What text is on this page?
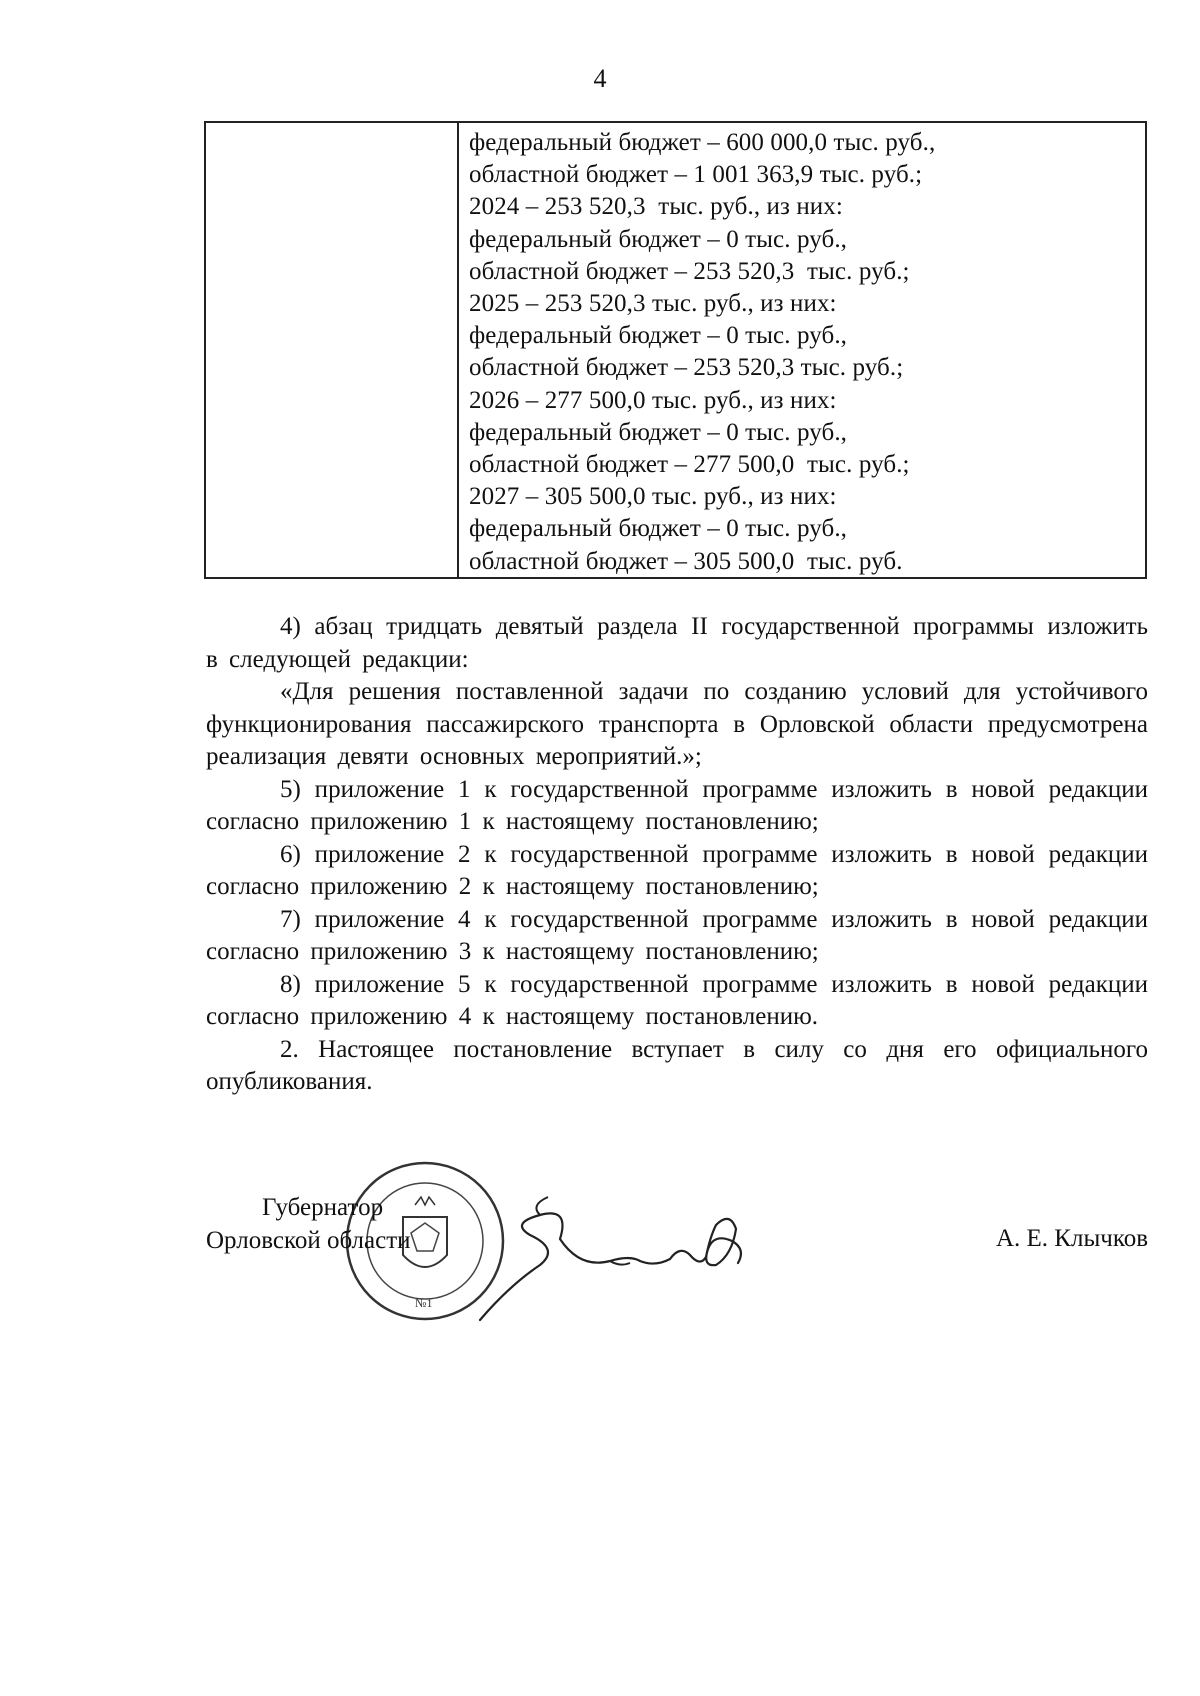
4
федеральный бюджет – 600 000,0 тыс. руб.,
областной бюджет – 1 001 363,9 тыс. руб.;
2024 – 253 520,3  тыс. руб., из них:
федеральный бюджет – 0 тыс. руб.,
областной бюджет – 253 520,3  тыс. руб.;
2025 – 253 520,3 тыс. руб., из них:
федеральный бюджет – 0 тыс. руб.,
областной бюджет – 253 520,3 тыс. руб.;
2026 – 277 500,0 тыс. руб., из них:
федеральный бюджет – 0 тыс. руб.,
областной бюджет – 277 500,0  тыс. руб.;
2027 – 305 500,0 тыс. руб., из них:
федеральный бюджет – 0 тыс. руб.,
областной бюджет – 305 500,0  тыс. руб.

4) абзац тридцать девятый раздела II государственной программы изложить в следующей редакции:

«Для решения поставленной задачи по созданию условий для устойчивого функционирования пассажирского транспорта в Орловской области предусмотрена реализация девяти основных мероприятий.»;

5) приложение 1 к государственной программе изложить в новой редакции согласно приложению 1 к настоящему постановлению;

6) приложение 2 к государственной программе изложить в новой редакции согласно приложению 2 к настоящему постановлению;

7) приложение 4 к государственной программе изложить в новой редакции согласно приложению 3 к настоящему постановлению;

8) приложение 5 к государственной программе изложить в новой редакции согласно приложению 4 к настоящему постановлению.

2. Настоящее постановление вступает в силу со дня его официального опубликования.

№1
Губернатор
Орловской области	А. Е. Клычков
